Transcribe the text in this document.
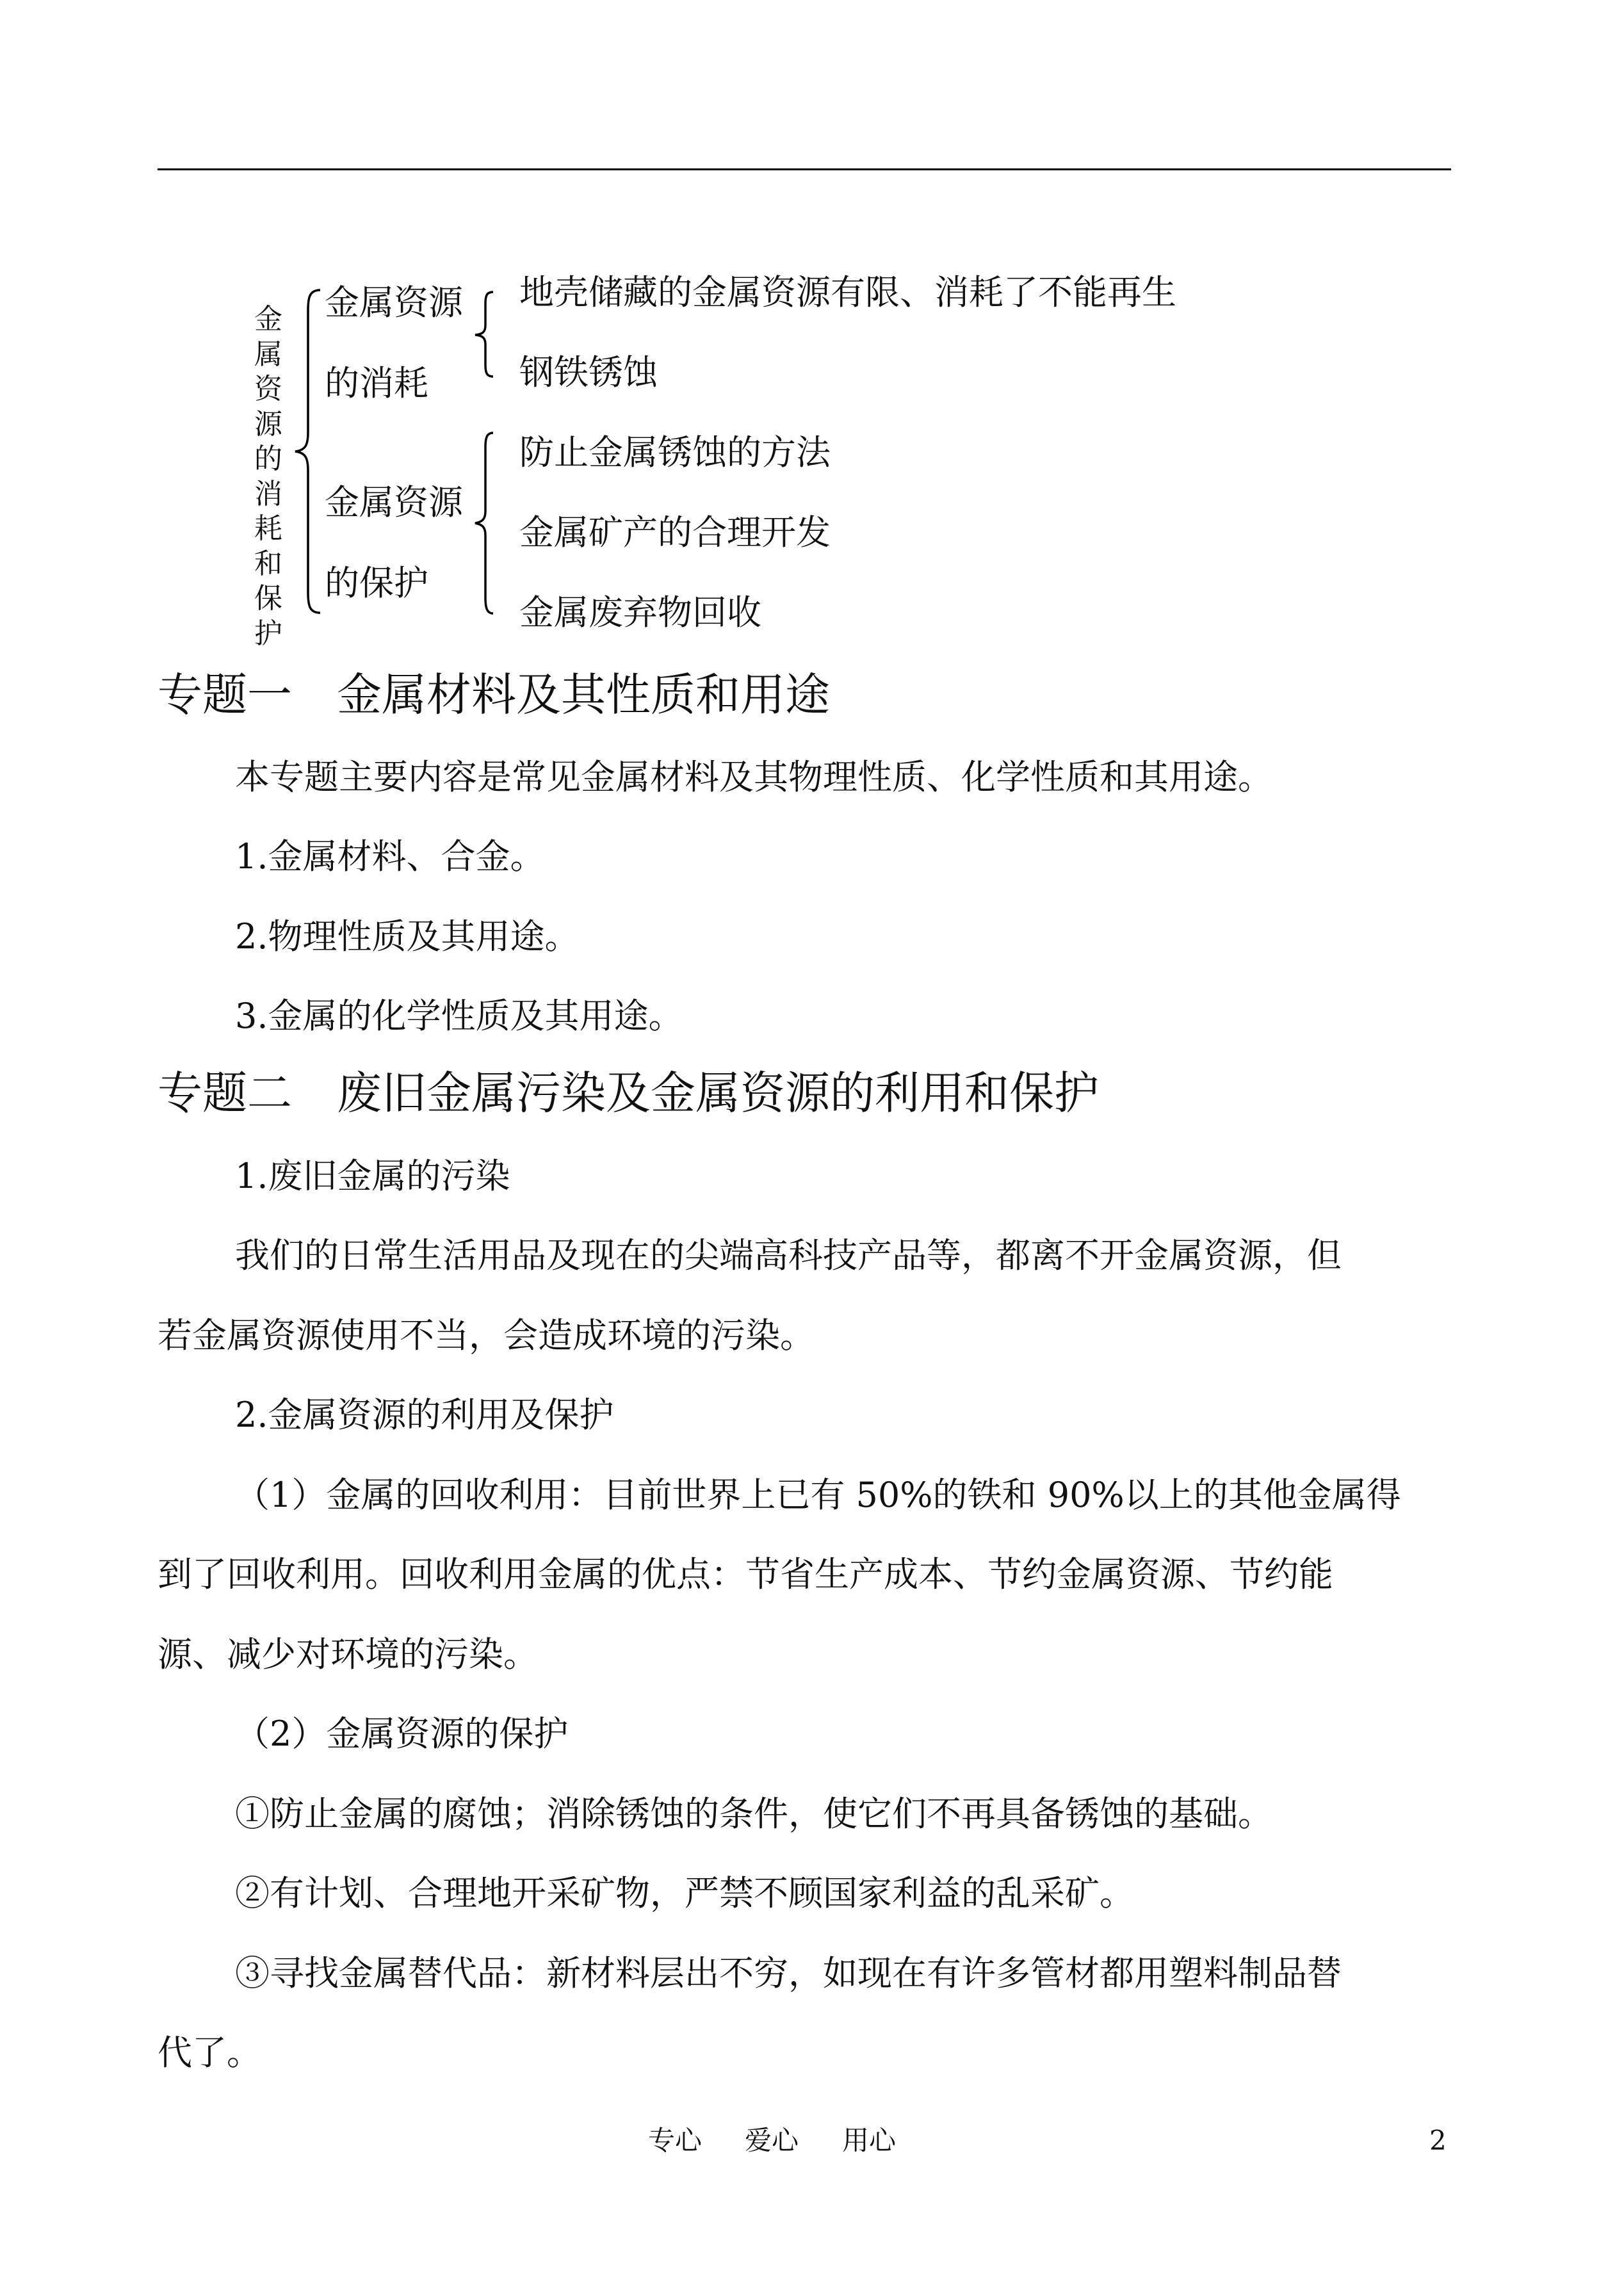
金属资源的消耗和保护
金属资源
的消耗
地壳储藏的金属资源有限、消耗了不能再生
钢铁锈蚀
金属资源
的保护
防止金属锈蚀的方法
金属矿产的合理开发
金属废弃物回收
专题一　金属材料及其性质和用途
本专题主要内容是常见金属材料及其物理性质、化学性质和其用途。
1.金属材料、合金。
2.物理性质及其用途。
3.金属的化学性质及其用途。
专题二　废旧金属污染及金属资源的利用和保护
1.废旧金属的污染
我们的日常生活用品及现在的尖端高科技产品等，都离不开金属资源，但
若金属资源使用不当，会造成环境的污染。
2.金属资源的利用及保护
（1）金属的回收利用：目前世界上已有 50%的铁和 90%以上的其他金属得
到了回收利用。回收利用金属的优点：节省生产成本、节约金属资源、节约能
源、减少对环境的污染。
（2）金属资源的保护
①防止金属的腐蚀；消除锈蚀的条件，使它们不再具备锈蚀的基础。
②有计划、合理地开采矿物，严禁不顾国家利益的乱采矿。
③寻找金属替代品：新材料层出不穷，如现在有许多管材都用塑料制品替
代了。
专心 爱心 用心	2
